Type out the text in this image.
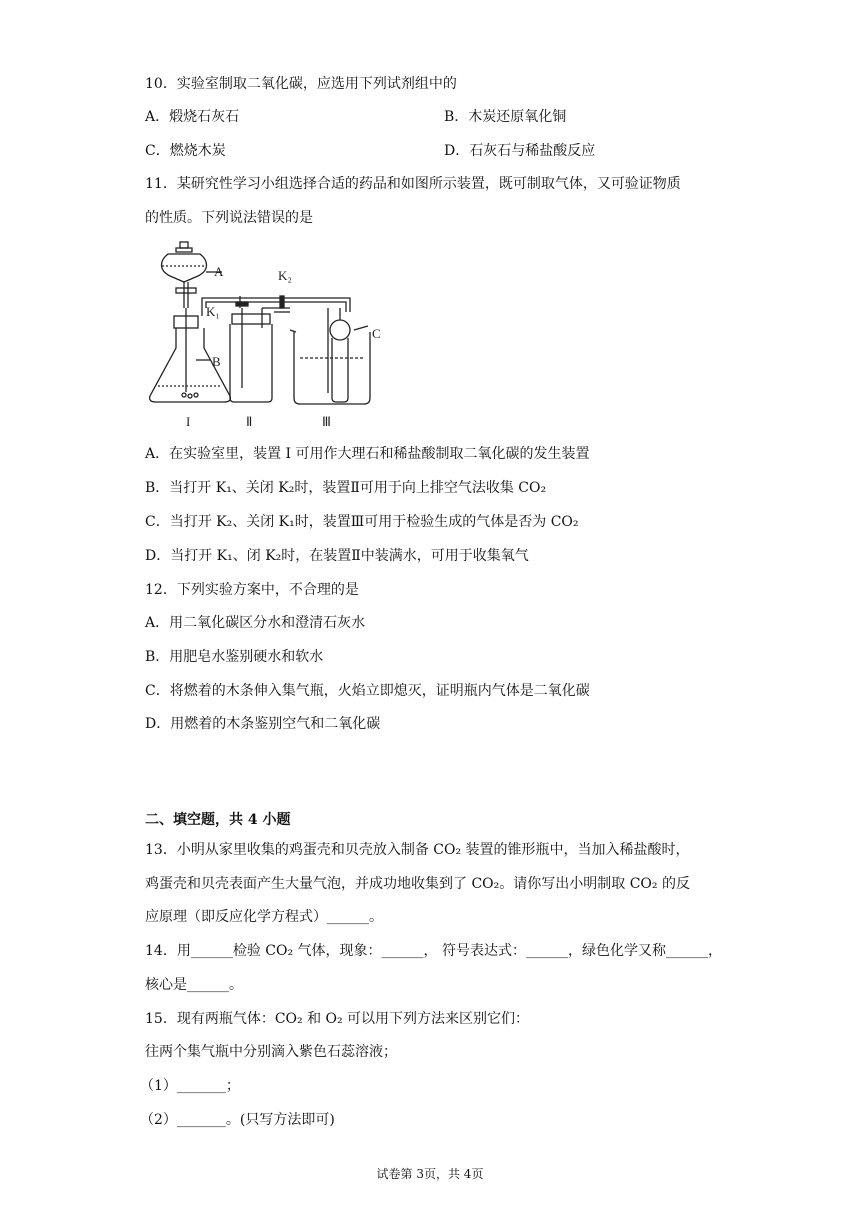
10．实验室制取二氧化碳，应选用下列试剂组中的
A．煅烧石灰石	B．木炭还原氧化铜
C．燃烧木炭	D．石灰石与稀盐酸反应
11．某研究性学习小组选择合适的药品和如图所示装置，既可制取气体，又可验证物质
的性质。下列说法错误的是
A
B
C
K₁
K₂
I	Ⅱ	Ⅲ
A．在实验室里，装置 I 可用作大理石和稀盐酸制取二氧化碳的发生装置
B．当打开 K₁、关闭 K₂时，装置Ⅱ可用于向上排空气法收集 CO₂
C．当打开 K₂、关闭 K₁时，装置Ⅲ可用于检验生成的气体是否为 CO₂
D．当打开 K₁、闭 K₂时，在装置Ⅱ中装满水，可用于收集氧气
12．下列实验方案中，不合理的是
A．用二氧化碳区分水和澄清石灰水
B．用肥皂水鉴别硬水和软水
C．将燃着的木条伸入集气瓶，火焰立即熄灭，证明瓶内气体是二氧化碳
D．用燃着的木条鉴别空气和二氧化碳
二、填空题，共 4 小题
13．小明从家里收集的鸡蛋壳和贝壳放入制备 CO₂ 装置的锥形瓶中，当加入稀盐酸时，
鸡蛋壳和贝壳表面产生大量气泡，并成功地收集到了 CO₂。请你写出小明制取 CO₂ 的反
应原理（即反应化学方程式）______。
14．用______检验 CO₂ 气体，现象：______， 符号表达式：______，绿色化学又称______，
核心是______。
15．现有两瓶气体：CO₂ 和 O₂ 可以用下列方法来区别它们：
往两个集气瓶中分别滴入紫色石蕊溶液；
（1）_______；
（2）_______。(只写方法即可)
试卷第 3页，共 4页
